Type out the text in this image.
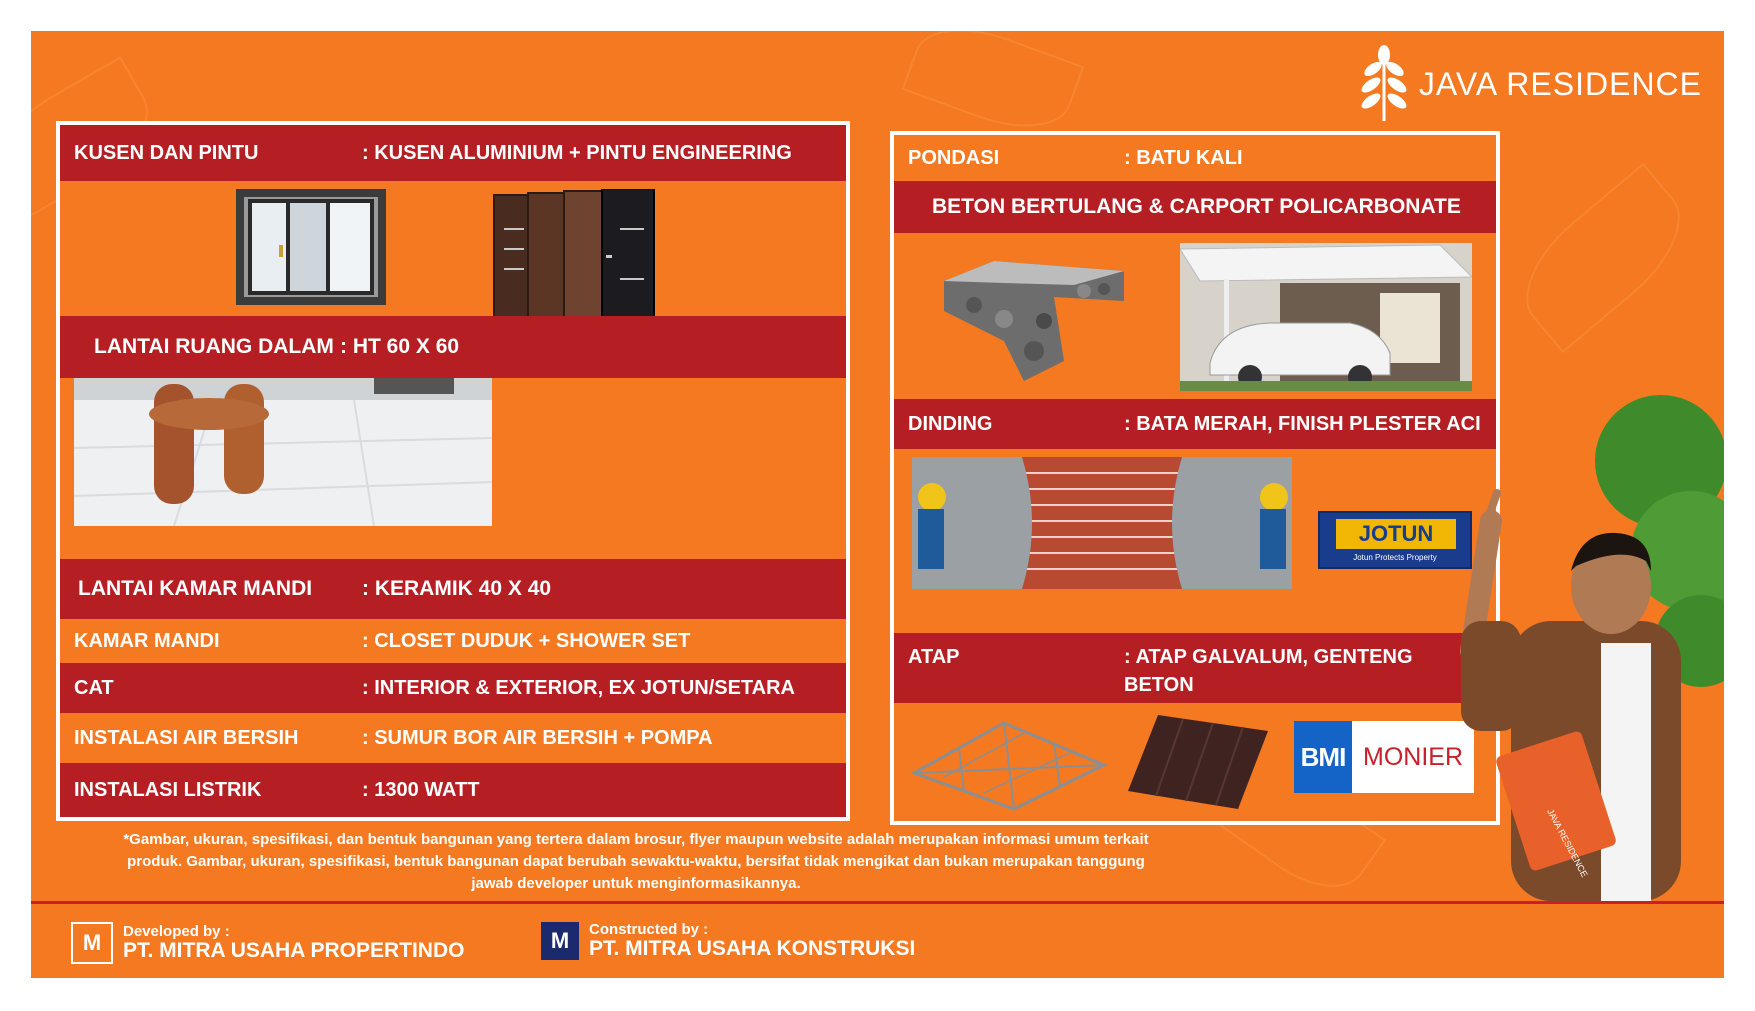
JAVA RESIDENCE
KUSEN DAN PINTU	: KUSEN ALUMINIUM + PINTU ENGINEERING
LANTAI RUANG DALAM : HT 60 X 60
LANTAI KAMAR MANDI	: KERAMIK 40 X 40
KAMAR MANDI	: CLOSET DUDUK + SHOWER SET
CAT	: INTERIOR & EXTERIOR, EX JOTUN/SETARA
INSTALASI AIR BERSIH	: SUMUR BOR AIR BERSIH + POMPA
INSTALASI LISTRIK	: 1300 WATT
PONDASI	: BATU KALI
BETON BERTULANG & CARPORT POLICARBONATE
DINDING	: BATA MERAH, FINISH PLESTER ACI
JOTUN
Jotun Protects Property
ATAP	: ATAP GALVALUM, GENTENG BETON
BMI MONIER
JAVA RESIDENCE
*Gambar, ukuran, spesifikasi, dan bentuk bangunan yang tertera dalam brosur, flyer maupun website adalah merupakan informasi umum terkait
produk. Gambar, ukuran, spesifikasi, bentuk bangunan dapat berubah sewaktu-waktu, bersifat tidak mengikat dan bukan merupakan tanggung
jawab developer untuk menginformasikannya.
M	Developed by :
PT. MITRA USAHA PROPERTINDO	M	Constructed by :
PT. MITRA USAHA KONSTRUKSI
